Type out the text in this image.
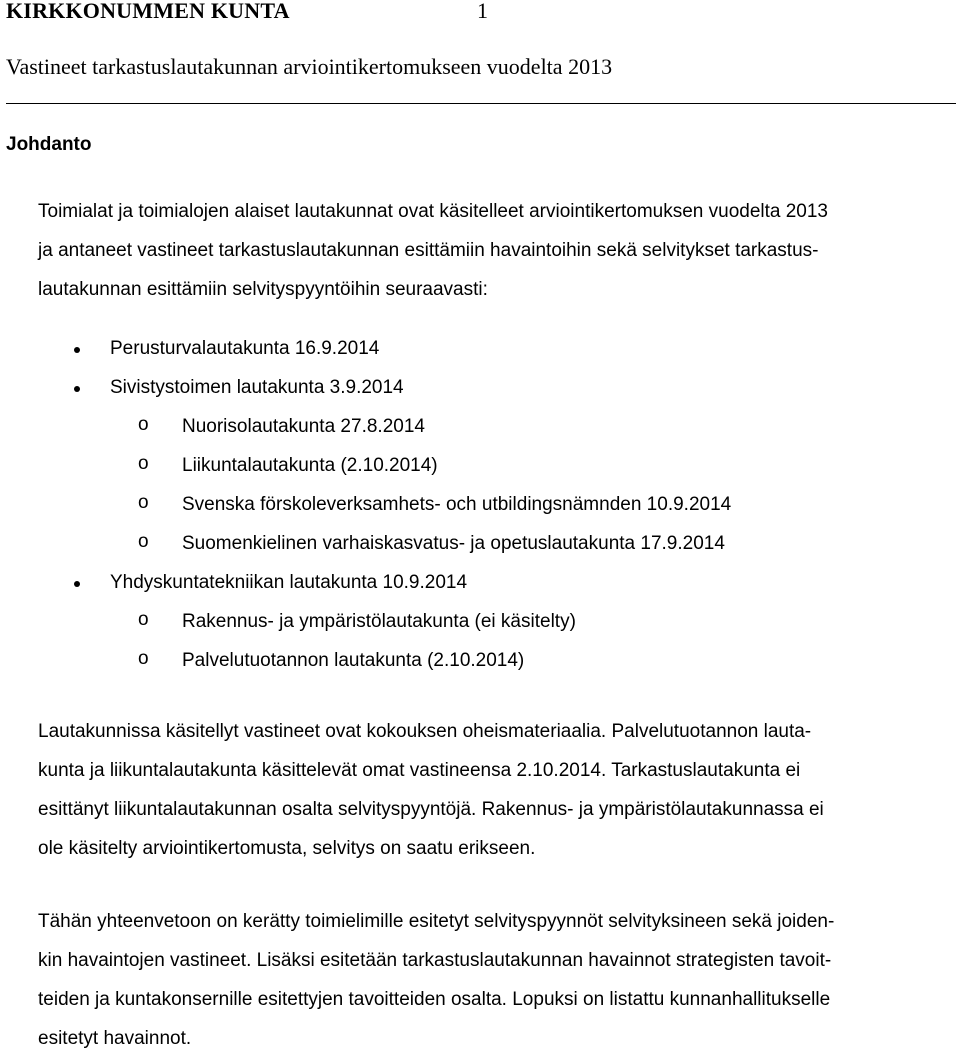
KIRKKONUMMEN KUNTA	1
Vastineet tarkastuslautakunnan arviointikertomukseen vuodelta 2013
Johdanto
Toimialat ja toimialojen alaiset lautakunnat ovat käsitelleet arviointikertomuksen vuodelta 2013
ja antaneet vastineet tarkastuslautakunnan esittämiin havaintoihin sekä selvitykset tarkastus-
lautakunnan esittämiin selvityspyyntöihin seuraavasti:
Perusturvalautakunta 16.9.2014
Sivistystoimen lautakunta 3.9.2014
o Nuorisolautakunta 27.8.2014
o Liikuntalautakunta (2.10.2014)
o Svenska förskoleverksamhets- och utbildingsnämnden 10.9.2014
o Suomenkielinen varhaiskasvatus- ja opetuslautakunta 17.9.2014
Yhdyskuntatekniikan lautakunta 10.9.2014
o Rakennus- ja ympäristölautakunta (ei käsitelty)
o Palvelutuotannon lautakunta (2.10.2014)
Lautakunnissa käsitellyt vastineet ovat kokouksen oheismateriaalia. Palvelutuotannon lauta-
kunta ja liikuntalautakunta käsittelevät omat vastineensa 2.10.2014. Tarkastuslautakunta ei
esittänyt liikuntalautakunnan osalta selvityspyyntöjä. Rakennus- ja ympäristölautakunnassa ei
ole käsitelty arviointikertomusta, selvitys on saatu erikseen.
Tähän yhteenvetoon on kerätty toimielimille esitetyt selvityspyynnöt selvityksineen sekä joiden-
kin havaintojen vastineet. Lisäksi esitetään tarkastuslautakunnan havainnot strategisten tavoit-
teiden ja kuntakonsernille esitettyjen tavoitteiden osalta. Lopuksi on listattu kunnanhallitukselle
esitetyt havainnot.
